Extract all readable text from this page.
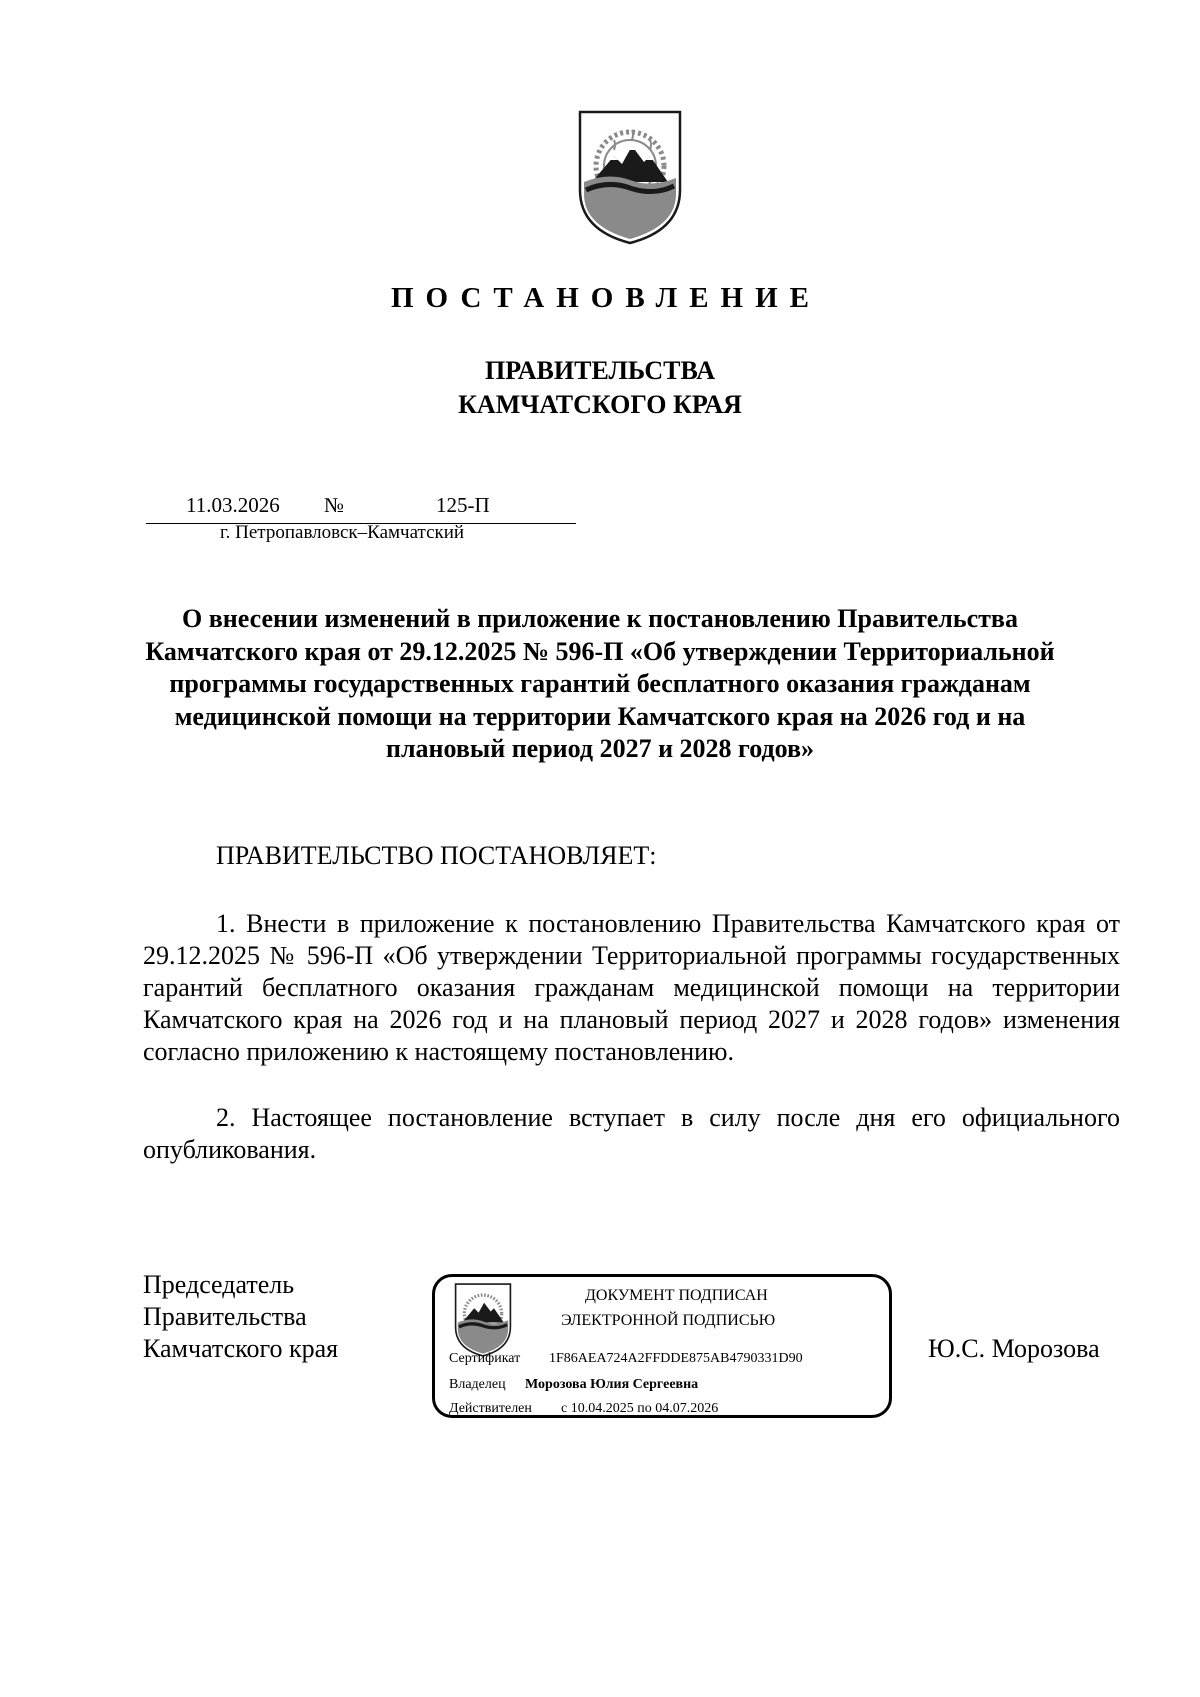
ПОСТАНОВЛЕНИЕ
ПРАВИТЕЛЬСТВА
КАМЧАТСКОГО КРАЯ
11.03.2026 №	125-П
г. Петропавловск–Камчатский
О внесении изменений в приложение к постановлению Правительства Камчатского края от 29.12.2025 № 596-П «Об утверждении Территориальной программы государственных гарантий бесплатного оказания гражданам медицинской помощи на территории Камчатского края на 2026 год и на плановый период 2027 и 2028 годов»
ПРАВИТЕЛЬСТВО ПОСТАНОВЛЯЕТ:

1. Внести в приложение к постановлению Правительства Камчатского края от 29.12.2025 № 596-П «Об утверждении Территориальной программы государственных гарантий бесплатного оказания гражданам медицинской помощи на территории Камчатского края на 2026 год и на плановый период 2027 и 2028 годов» изменения согласно приложению к настоящему постановлению.

2. Настоящее постановление вступает в силу после дня его официального опубликования.

Председатель
Правительства
Камчатского края	Ю.С. Морозова
ДОКУМЕНТ ПОДПИСАН
ЭЛЕКТРОННОЙ ПОДПИСЬЮ
Сертификат 1F86AEA724A2FFDDE875AB4790331D90
Владелец Морозова Юлия Сергеевна
Действителен с 10.04.2025 по 04.07.2026
